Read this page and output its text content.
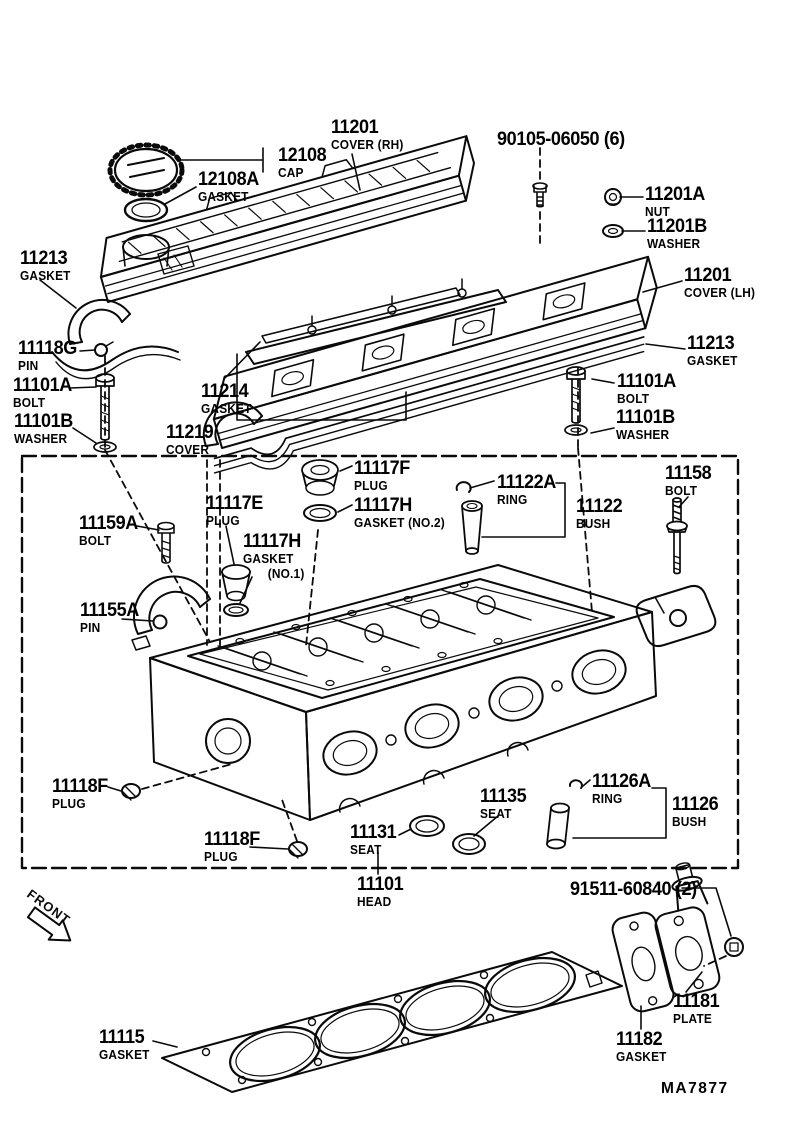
FRONT
12108
CAP
12108A
GASKET
11201
COVER (RH)	90105-06050 (6)
11201A
NUT
11201B
WASHER
11213
GASKET	11201
COVER (LH)
11213
GASKET
11118G
PIN
11101A
BOLT
11101B
WASHER
11214
GASKET
11219
COVER
11101A
BOLT
11101B
WASHER
11117F
PLUG
11117H
GASKET (NO.2)
11122A
RING	11122
BUSH
11158
BOLT
11117E
PLUG
11159A
BOLT	11117H
GASKET
(NO.1)
11155A
PIN
11118F
PLUG
11118F
PLUG
11131
SEAT
11135
SEAT
11126A
RING	11126
BUSH
11101
HEAD
91511-60840 (2)
11181
PLATE
11182
GASKET
11115
GASKET
MA7877
